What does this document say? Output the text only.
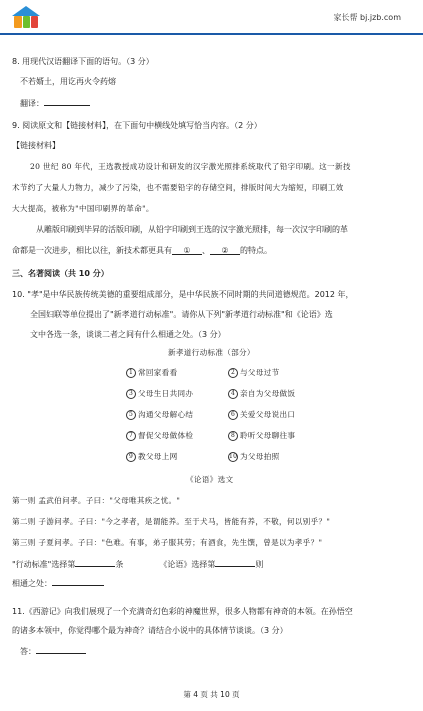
家长帮 bj.jzb.com
8. 用现代汉语翻译下面的语句。（3 分）
不若婿土，用讫再火令药熔
翻译：
9. 阅读原文和【链接材料】，在下面句中横线处填写恰当内容。（2 分）
【链接材料】
20 世纪 80 年代，王选教授成功设计和研发的汉字激光照排系统取代了铅字印刷。这一新技
术节约了大量人力物力，减少了污染，也不需要铅字的存储空间，排版时间大为缩短，印刷工效
大大提高，被称为"中国印刷界的革命"。
从雕版印刷到毕昇的活版印刷，从铅字印刷到王选的汉字激光照排，每一次汉字印刷的革
命都是一次进步，相比以往，新技术都更具有 ① 、 ② 的特点。
三、名著阅读（共 10 分）
10. "孝"是中华民族传统美德的重要组成部分，是中华民族不同时期的共同道德规范。2012 年，
全国妇联等单位提出了"新孝道行动标准"。请你从下列"新孝道行动标准"和《论语》选
文中各选一条，谈谈二者之间有什么相通之处。（3 分）
新孝道行动标准（部分）
1 常回家看看	2 与父母过节
3 父母生日共同办	4 亲自为父母做饭
5 沟通父母解心结	6 关爱父母说出口
7 督促父母做体检	8 聆听父母聊往事
9 教父母上网	10 为父母拍照
《论语》选文
第一则 孟武伯问孝。子曰："父母唯其疾之忧。"
第二则 子游问孝。子曰："今之孝者，是谓能养。至于犬马，皆能有养，不敬，何以别乎？"
第三则 子夏问孝。子曰："色难。有事，弟子服其劳；有酒食，先生馔，曾是以为孝乎？"
"行动标准"选择第	条	《论语》选择第	则
相通之处：
11.《西游记》向我们展现了一个充满奇幻色彩的神魔世界，很多人物都有神奇的本领。在孙悟空
的诸多本领中，你觉得哪个最为神奇？请结合小说中的具体情节谈谈。（3 分）
答：
第 4 页 共 10 页
